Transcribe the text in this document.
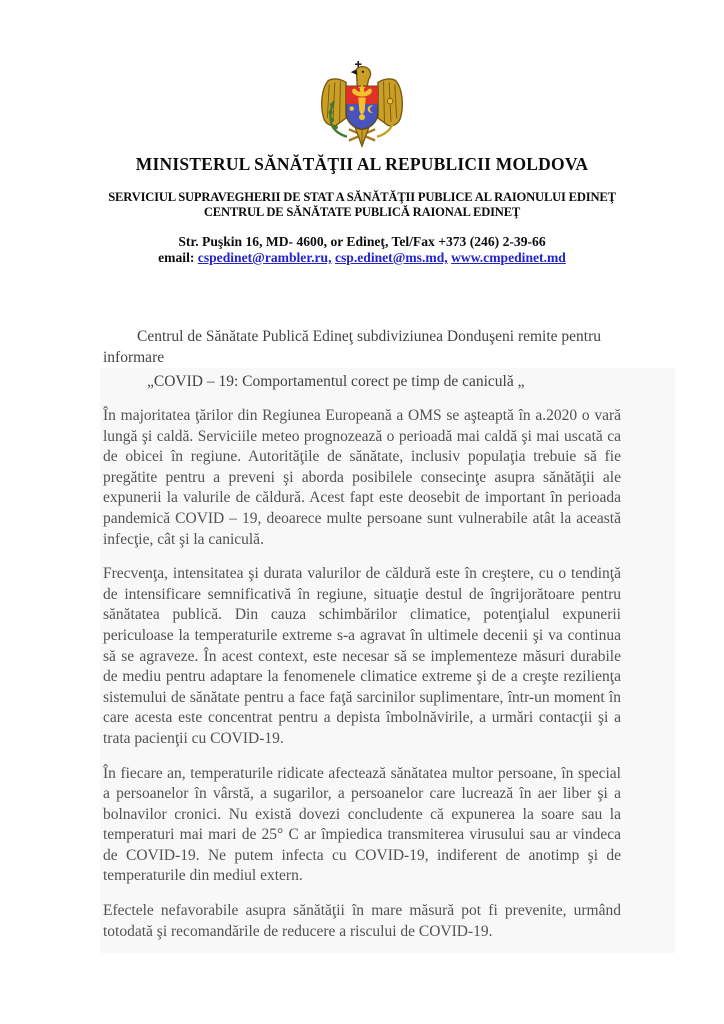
MINISTERUL SĂNĂTĂŢII AL REPUBLICII MOLDOVA
SERVICIUL SUPRAVEGHERII DE STAT A SĂNĂTĂŢII PUBLICE AL RAIONULUI EDINEŢ
CENTRUL DE SĂNĂTATE PUBLICĂ RAIONAL EDINEŢ
Str. Puşkin 16, MD- 4600, or Edineţ, Tel/Fax +373 (246) 2-39-66
email: cspedinet@rambler.ru, csp.edinet@ms.md, www.cmpedinet.md

Centrul de Sănătate Publică Edineţ subdiviziunea Donduşeni remite pentru informare

„COVID – 19: Comportamentul corect pe timp de caniculă „

În majoritatea ţărilor din Regiunea Europeană a OMS se aşteaptă în a.2020 o vară lungă şi caldă. Serviciile meteo prognozează o perioadă mai caldă şi mai uscată ca de obicei în regiune. Autorităţile de sănătate, inclusiv populaţia trebuie să fie pregătite pentru a preveni şi aborda posibilele consecinţe asupra sănătăţii ale expunerii la valurile de căldură. Acest fapt este deosebit de important în perioada pandemică COVID – 19, deoarece multe persoane sunt vulnerabile atât la această infecţie, cât şi la caniculă.

Frecvenţa, intensitatea şi durata valurilor de căldură este în creştere, cu o tendinţă de intensificare semnificativă în regiune, situaţie destul de îngrijorătoare pentru sănătatea publică. Din cauza schimbărilor climatice, potenţialul expunerii periculoase la temperaturile extreme s-a agravat în ultimele decenii şi va continua să se agraveze. În acest context, este necesar să se implementeze măsuri durabile de mediu pentru adaptare la fenomenele climatice extreme şi de a creşte rezilienţa sistemului de sănătate pentru a face faţă sarcinilor suplimentare, într-un moment în care acesta este concentrat pentru a depista îmbolnăvirile, a urmări contacţii şi a trata pacienţii cu COVID-19.

În fiecare an, temperaturile ridicate afectează sănătatea multor persoane, în special a persoanelor în vârstă, a sugarilor, a persoanelor care lucrează în aer liber şi a bolnavilor cronici. Nu există dovezi concludente că expunerea la soare sau la temperaturi mai mari de 25° C ar împiedica transmiterea virusului sau ar vindeca de COVID-19. Ne putem infecta cu COVID-19, indiferent de anotimp şi de temperaturile din mediul extern.

Efectele nefavorabile asupra sănătăţii în mare măsură pot fi prevenite, urmând totodată şi recomandările de reducere a riscului de COVID-19.
